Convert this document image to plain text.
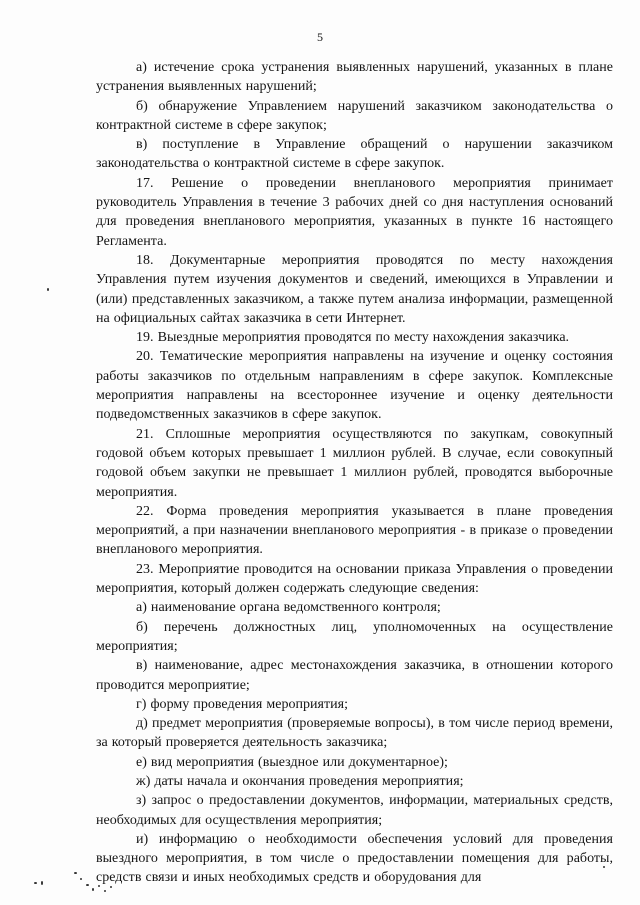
5

а) истечение срока устранения выявленных нарушений, указанных в плане устранения выявленных нарушений;

б) обнаружение Управлением нарушений заказчиком законодательства о контрактной системе в сфере закупок;

в) поступление в Управление обращений о нарушении заказчиком законодательства о контрактной системе в сфере закупок.

17. Решение о проведении внепланового мероприятия принимает руководитель Управления в течение 3 рабочих дней со дня наступления оснований для проведения внепланового мероприятия, указанных в пункте 16 настоящего Регламента.

18. Документарные мероприятия проводятся по месту нахождения Управления путем изучения документов и сведений, имеющихся в Управлении и (или) представленных заказчиком, а также путем анализа информации, размещенной на официальных сайтах заказчика в сети Интернет.

19. Выездные мероприятия проводятся по месту нахождения заказчика.

20. Тематические мероприятия направлены на изучение и оценку состояния работы заказчиков по отдельным направлениям в сфере закупок. Комплексные мероприятия направлены на всестороннее изучение и оценку деятельности подведомственных заказчиков в сфере закупок.

21. Сплошные мероприятия осуществляются по закупкам, совокупный годовой объем которых превышает 1 миллион рублей. В случае, если совокупный годовой объем закупки не превышает 1 миллион рублей, проводятся выборочные мероприятия.

22. Форма проведения мероприятия указывается в плане проведения мероприятий, а при назначении внепланового мероприятия - в приказе о проведении внепланового мероприятия.

23. Мероприятие проводится на основании приказа Управления о проведении мероприятия, который должен содержать следующие сведения:

а) наименование органа ведомственного контроля;

б) перечень должностных лиц, уполномоченных на осуществление мероприятия;

в) наименование, адрес местонахождения заказчика, в отношении которого проводится мероприятие;

г) форму проведения мероприятия;

д) предмет мероприятия (проверяемые вопросы), в том числе период времени, за который проверяется деятельность заказчика;

е) вид мероприятия (выездное или документарное);

ж) даты начала и окончания проведения мероприятия;

з) запрос о предоставлении документов, информации, материальных средств, необходимых для осуществления мероприятия;

и) информацию о необходимости обеспечения условий для проведения выездного мероприятия, в том числе о предоставлении помещения для работы, средств связи и иных необходимых средств и оборудования для
